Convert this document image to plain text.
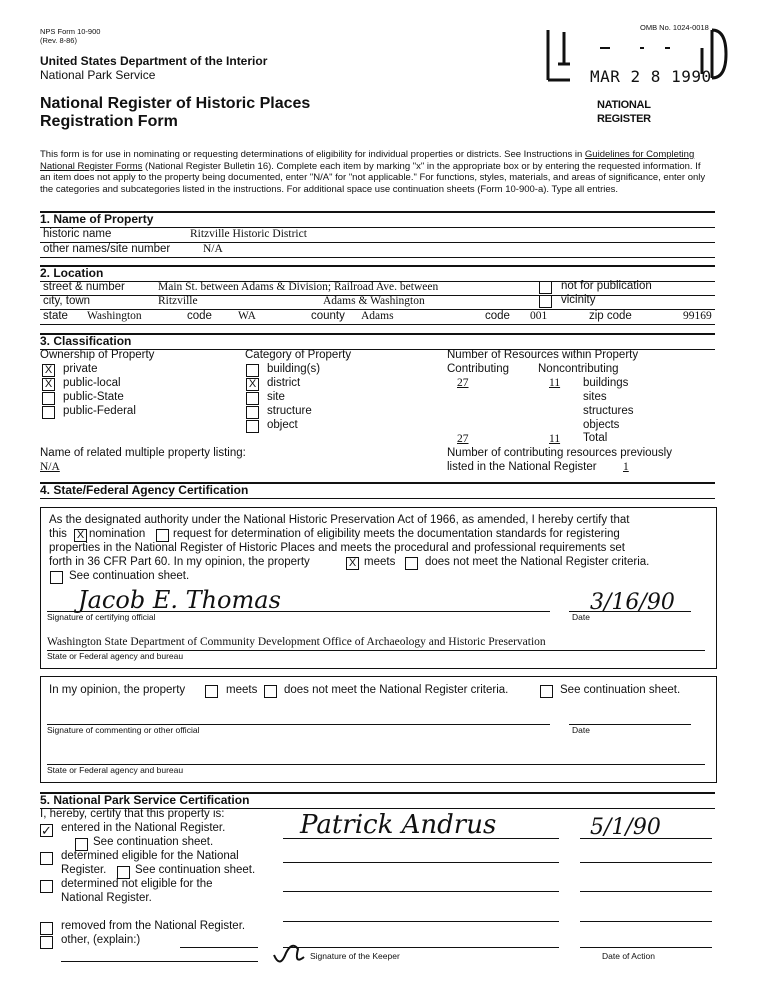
NPS Form 10-900
(Rev. 8-86)
OMB No. 1024-0018
United States Department of the Interior
National Park Service
National Register of Historic Places
Registration Form
MAR 2 8 1990
NATIONAL
REGISTER
This form is for use in nominating or requesting determinations of eligibility for individual properties or districts. See Instructions in Guidelines for Completing National Register Forms (National Register Bulletin 16). Complete each item by marking "x" in the appropriate box or by entering the requested information. If an item does not apply to the property being documented, enter "N/A" for "not applicable." For functions, styles, materials, and areas of significance, enter only the categories and subcategories listed in the instructions. For additional space use continuation sheets (Form 10-900-a). Type all entries.
1. Name of Property
historic name	Ritzville Historic District
other names/site number	N/A
2. Location
street & number	Main St. between Adams & Division; Railroad Ave. between	not for publication
city, town	Ritzville	Adams & Washington	vicinity
state Washington	code WA	county Adams	code 001	zip code	99169
3. Classification
Ownership of Property
X private
X public-local
public-State
public-Federal
Category of Property
building(s)
X district
site
structure
object
Number of Resources within Property
Contributing	Noncontributing
27	11 buildings
sites
structures
objects
27	11 Total
Name of related multiple property listing:
N/A
Number of contributing resources previously
listed in the National Register 1
4. State/Federal Agency Certification
As the designated authority under the National Historic Preservation Act of 1966, as amended, I hereby certify that
this X nomination request for determination of eligibility meets the documentation standards for registering
properties in the National Register of Historic Places and meets the procedural and professional requirements set
forth in 36 CFR Part 60. In my opinion, the property	X meets	does not meet the National Register criteria.
See continuation sheet.
Jacob E. Thomas
Signature of certifying official
3/16/90
Date
Washington State Department of Community Development Office of Archaeology and Historic Preservation
State or Federal agency and bureau
In my opinion, the property	meets does not meet the National Register criteria.	See continuation sheet.
Signature of commenting or other official	Date
State or Federal agency and bureau
5. National Park Service Certification
I, hereby, certify that this property is:
✓ entered in the National Register.
See continuation sheet.
determined eligible for the National
Register. See continuation sheet.
determined not eligible for the
National Register.
removed from the National Register.
other, (explain:)
Patrick Andrus	5/1/90
Signature of the Keeper	Date of Action
